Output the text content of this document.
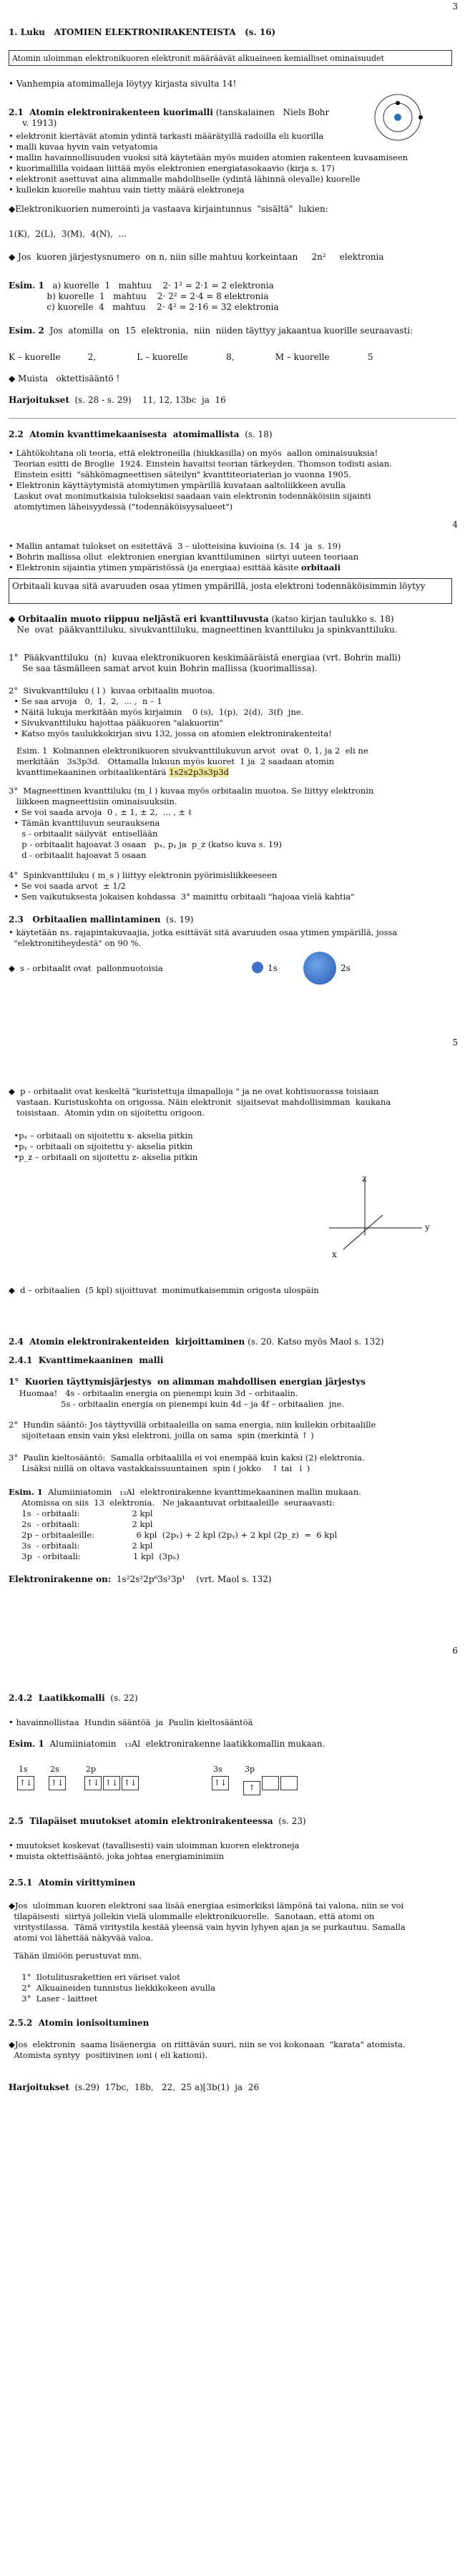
3
1. Luku   ATOMIEN ELEKTRONIRAKENTEISTA   (s. 16)
Atomin uloimman elektronikuoren elektronit määräävät alkuaineen kemialliset ominaisuudet
• Vanhempia atomimalleja löytyy kirjasta sivulta 14!
2.1  Atomin elektronirakenteen kuorimalli (tanskalainen   Niels Bohr
v. 1913)
• elektronit kiertävät atomin ydintä tarkasti määrätyillä radoilla eli kuorilla
• malli kuvaa hyvin vain vetyatomia
• mallin havainnollisuuden vuoksi sitä käytetään myös muiden atomien rakenteen kuvaamiseen
• kuorimallilla voidaan liittää myös elektronien energiatasokaavio (kirja s. 17)
• elektronit asettuvat aina alimmalle mahdolliselle (ydintä lähinnä olevalle) kuorelle
• kullekin kuorelle mahtuu vain tietty määrä elektroneja
◆Elektronikuorien numerointi ja vastaava kirjaintunnus  "sisältä"  lukien:
1(K),  2(L),  3(M),  4(N),  ...
◆ Jos  kuoren järjestysnumero  on n, niin sille mahtuu korkeintaan     2n²     elektronia
Esim. 1   a) kuorelle  1   mahtuu    2· 1² = 2·1 = 2 elektronia
b) kuorelle  1   mahtuu    2· 2² = 2·4 = 8 elektronia
c) kuorelle  4   mahtuu    2· 4² = 2·16 = 32 elektronia
Esim. 2  Jos  atomilla  on  15  elektronia,  niin  niiden täyttyy jakaantua kuorille seuraavasti:
K – kuorelle          2,               L – kuorelle              8,               M – kuorelle              5
◆ Muista   oktettisääntö !
Harjoitukset  (s. 28 - s. 29)    11, 12, 13bc  ja  16
2.2  Atomin kvanttimekaanisesta  atomimallista  (s. 18)
• Lähtökohtana oli teoria, että elektroneilla (hiukkasilla) on myös  aallon ominaisuuksia!
Teorian esitti de Broglie  1924. Einstein havaitsi teorian tärkeyden. Thomson todisti asian.
Einstein esitti  "sähkömagneettisen säteilyn" kvanttiteoriaterian jo vuonna 1905.
• Elektronin käyttäytymistä atomiytimen ympärillä kuvataan aaltoliikkeen avulla
Laskut ovat monimutkaisia tuloksekisi saadaan vain elektronin todennäköisiin sijainti
atomiytimen läheisyydessä ("todennäköisyysalueet")
4
• Mallin antamat tulokset on esitettävä  3 – ulotteisina kuvioina (s. 14  ja  s. 19)
• Bohrin mallissa ollut  elektronien energian kvanttiluminen  siirtyi uuteen teoriaan
• Elektronin sijaintia ytimen ympäristössä (ja energiaa) esittää käsite orbitaali
Orbitaali kuvaa sitä avaruuden osaa ytimen ympärillä, josta elektroni todennäköisimmin löytyy
◆ Orbitaalin muoto riippuu neljästä eri kvanttiluvusta (katso kirjan taulukko s. 18)
Ne  ovat  pääkvanttiluku, sivukvanttiluku, magneettinen kvanttiluku ja spinkvanttiluku.
1°  Pääkvanttiluku  (n)  kuvaa elektronikuoren keskimääräistä energiaa (vrt. Bohrin malli)
Se saa täsmälleen samat arvot kuin Bohrin mallissa (kuorimallissa).
2°  Sivukvanttiluku ( l )  kuvaa orbitaalin muotoa.
• Se saa arvoja   0,  1,  2,  ... ,  n – 1
• Näitä lukuja merkitään myös kirjaimin    0 (s),  1(p),  2(d),  3(f)  jne.
• Sivukvanttiluku hajottaa pääkuoren "alakuoriin"
• Katso myös taulukkokirjan sivu 132, jossa on atomien elektronirakenteita!
Esim. 1  Kolmannen elektronikuoren sivukvanttilukuvun arvot  ovat  0, 1, ja 2  eli ne
merkitään   3s3p3d.   Ottamalla lukuun myös kuoret  1 ja  2 saadaan atomin
kvanttimekaaninen orbitaalikentärä 1s2s2p3s3p3d
3°  Magneettinen kvanttiluku (m_l ) kuvaa myös orbitaalin muotoa. Se liittyy elektronin
liikkeen magneettisiin ominaisuuksiin.
• Se voi saada arvoja  0 , ± 1, ± 2,  ... , ± ℓ
• Tämän kvanttiluvun seurauksena
s - orbitaalit säilyvät  entisellään
p - orbitaalit hajoavat 3 osaan   pₓ, pᵧ ja  p_z (katso kuva s. 19)
d - orbitaalit hajoavat 5 osaan
4°  Spinkvanttiluku ( m_s ) liittyy elektronin pyörimisliikkeeseen
• Se voi saada arvot  ± 1/2
• Sen vaikutuksesta jokaisen kohdassa  3° mainittu orbitaali "hajoaa vielä kahtia"
2.3   Orbitaalien mallintaminen  (s. 19)
• käytetään ns. rajapintakuvaajia, jotka esittävät sitä avaruuden osaa ytimen ympärillä, jossa
"elektronitiheydestä" on 90 %.
◆  s - orbitaalit ovat  pallonmuotoisia	1s	2s
5
◆  p - orbitaalit ovat keskeltä "kuristettuja ilmapalloja " ja ne ovat kohtisuorassa toisiaan
vastaan. Kuristuskohta on origossa. Näin elektronit  sijaitsevat mahdollisimman  kaukana
toisistaan.  Atomin ydin on sijoitettu origoon.
•pₓ – orbitaali on sijoitettu x- akselia pitkin
•pᵧ – orbitaali on sijoitettu y- akselia pitkin
•p_z – orbitaali on sijoitettu z- akselia pitkin
z
y
x
◆  d – orbitaalien  (5 kpl) sijoittuvat  monimutkaisemmin origosta ulospäin
2.4  Atomin elektronirakenteiden  kirjoittaminen (s. 20. Katso myös Maol s. 132)
2.4.1  Kvanttimekaaninen  malli
1°  Kuorien täyttymisjärjestys  on alimman mahdollisen energian järjestys
Huomaa!   4s - orbitaalin energia on pienempi kuin 3d – orbitaalin.
5s - orbitaalin energia on pienempi kuin 4d – ja 4f – orbitaalien  jne.
2°  Hundin sääntö: Jos täyttyvillä orbitaaleilla on sama energia, niin kullekin orbitaalille
sijoitetaan ensin vain yksi elektroni, joilla on sama  spin (merkintä ↑ )
3°  Paulin kieltosääntö:  Samalla orbitaalilla ei voi enempää kuin kaksi (2) elektronia.
Lisäksi niillä on oltava vastakkaissuuntainen  spin ( jokko    ↑ tai  ↓ )
Esim. 1  Alumiiniatomin   ₁₃Al  elektronirakenne kvanttimekaaninen mallin mukaan.
Atomissa on siis  13  elektronia.   Ne jakaantuvat orbitaaleille  seuraavasti:
1s  - orbitaali:                    2 kpl
2s  - orbitaali:                    2 kpl
2p – orbitaaleille:                6 kpl  (2pₓ) + 2 kpl (2pᵧ) + 2 kpl (2p_z)  =  6 kpl
3s  - orbitaali:                    2 kpl
3p  - orbitaali:                    1 kpl  (3pₓ)
Elektronirakenne on:  1s²2s²2p⁶3s²3p¹    (vrt. Maol s. 132)
6
2.4.2  Laatikkomalli  (s. 22)
• havainnollistaa  Hundin sääntöä  ja  Paulin kieltosääntöä
Esim. 1  Alumiiniatomin   ₁₃Al  elektronirakenne laatikkomallin mukaan.
1s	2s	2p	3s	3p
↑↓	↑↓	↑↓ ↑↓ ↑↓	↑↓
↑
2.5  Tilapäiset muutokset atomin elektronirakenteessa  (s. 23)
• muutokset koskevat (tavallisesti) vain uloimman kuoren elektroneja
• muista oktettisääntö, joka johtaa energiaminimiin
2.5.1  Atomin virittyminen
◆Jos  uloimman kuoren elektroni saa lisää energiaa esimerkiksi lämpönä tai valona, niin se voi
tilapäisesti  siirtyä jollekin vielä ulommalle elektronikuorelle.  Sanotaan, että atomi on
viritystilassa.  Tämä viritystila kestää yleensä vain hyvin lyhyen ajan ja se purkautuu. Samalla
atomi voi lähettää näkyvää valoa.
Tähän ilmiöön perustuvat mm.
1°  Ilotulitusrakettien eri väriset valot
2°  Alkuaineiden tunnistus liekkikokeen avulla
3°  Laser - laitteet
2.5.2  Atomin ionisoituminen
◆Jos  elektronin  saama lisäenergia  on riittävän suuri, niin se voi kokonaan  "karata" atomista.
Atomista syntyy  positiivinen ioni ( eli kationi).
Harjoitukset  (s.29)  17bc,  18b,   22,  25 a)[3b(1)  ja  26
